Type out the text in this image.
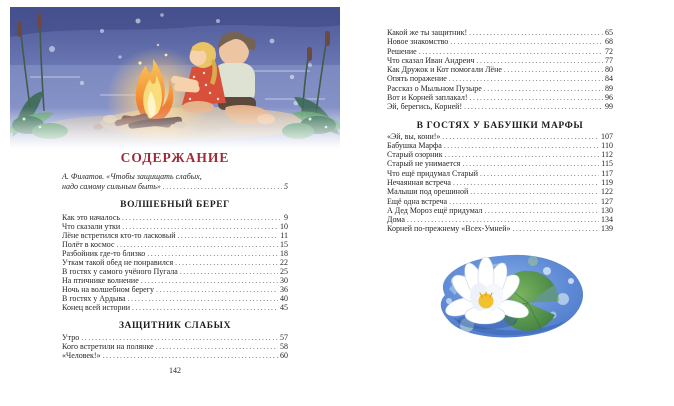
СОДЕРЖАНИЕ
А. Филатов. «Чтобы защищать слабых,
надо самому сильным быть» .....	5
ВОЛШЕБНЫЙ БЕРЕГ
Как это началось .....	9
Что сказали утки .....	10
Лёне встретился кто-то ласковый .....	11
Полёт в космос .....	15
Разбойник где-то близко .....	18
Уткам такой обед не понравился .....	22
В гостях у самого учёного Пугала .....	25
На птичнике волнение .....	30
Ночь на волшебном берегу .....	36
В гостях у Ардыва .....	40
Конец всей истории .....	45
ЗАЩИТНИК СЛАБЫХ
Утро .....	57
Кого встретили на полянке .....	58
«Человек!» .....	60
142
Какой же ты защитник! .....	65
Новое знакомство .....	68
Решение .....	72
Что сказал Иван Андреич .....	77
Как Дружок и Кот помогали Лёне .....	80
Опять поражение .....	84
Рассказ о Мыльном Пузыре .....	89
Вот и Корней заплакал! .....	96
Эй, берегись, Корней! .....	99
В ГОСТЯХ У БАБУШКИ МАРФЫ
«Эй, вы, кони!» .....	107
Бабушка Марфа .....	110
Старый озорник .....	112
Старый не унимается .....	115
Что ещё придумал Старый .....	117
Нечаянная встреча .....	119
Малыши под орешиной .....	122
Ещё одна встреча .....	127
А Дед Мороз ещё придумал .....	130
Дома .....	134
Корней по-прежнему «Всех-Умней» .....	139
